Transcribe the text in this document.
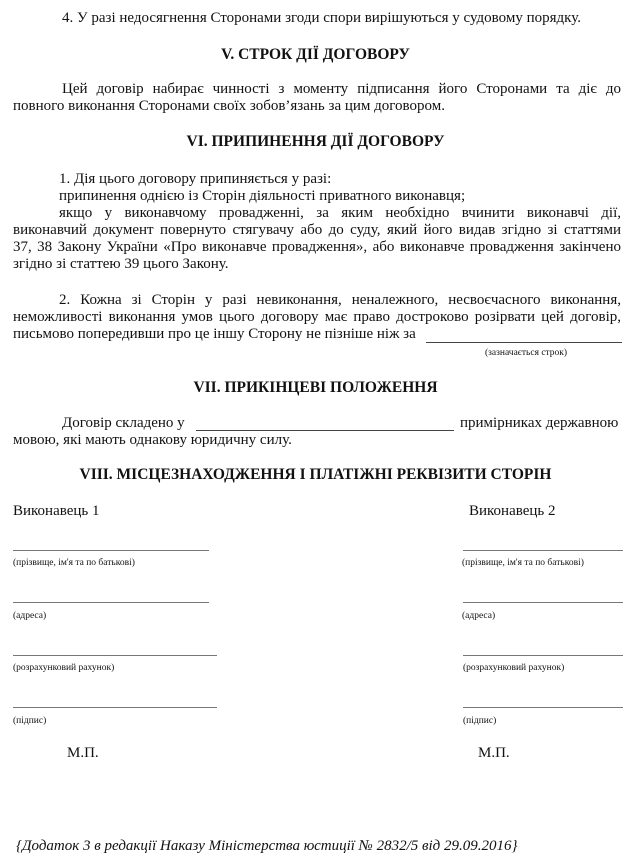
4. У разі недосягнення Сторонами згоди спори вирішуються у судовому порядку.
V. СТРОК ДІЇ ДОГОВОРУ
Цей договір набирає чинності з моменту підписання його Сторонами та діє до
повного виконання Сторонами своїх зобов’язань за цим договором.
VI. ПРИПИНЕННЯ ДІЇ ДОГОВОРУ
1. Дія цього договору припиняється у разі:
припинення однією із Сторін діяльності приватного виконавця;
якщо у виконавчому провадженні, за яким необхідно вчинити виконавчі дії,
виконавчий документ повернуто стягувачу або до суду, який його видав згідно зі статтями
37, 38 Закону України «Про виконавче провадження», або виконавче провадження закінчено
згідно зі статтею 39 цього Закону.
2. Кожна зі Сторін у разі невиконання, неналежного, несвоєчасного виконання,
неможливості виконання умов цього договору має право достроково розірвати цей договір,
письмово попередивши про це іншу Сторону не пізніше ніж за
(зазначається строк)
VII. ПРИКІНЦЕВІ ПОЛОЖЕННЯ
Договір складено у	примірниках державною
мовою, які мають однакову юридичну силу.
VIII. МІСЦЕЗНАХОДЖЕННЯ І ПЛАТІЖНІ РЕКВІЗИТИ СТОРІН
Виконавець 1
(прізвище, ім'я та по батькові)
(адреса)
(розрахунковий рахунок)
(підпис)
М.П.
Виконавець 2
(прізвище, ім'я та по батькові)
(адреса)
(розрахунковий рахунок)
(підпис)
М.П.
{Додаток 3 в редакції Наказу Міністерства юстиції № 2832/5 від 29.09.2016}
